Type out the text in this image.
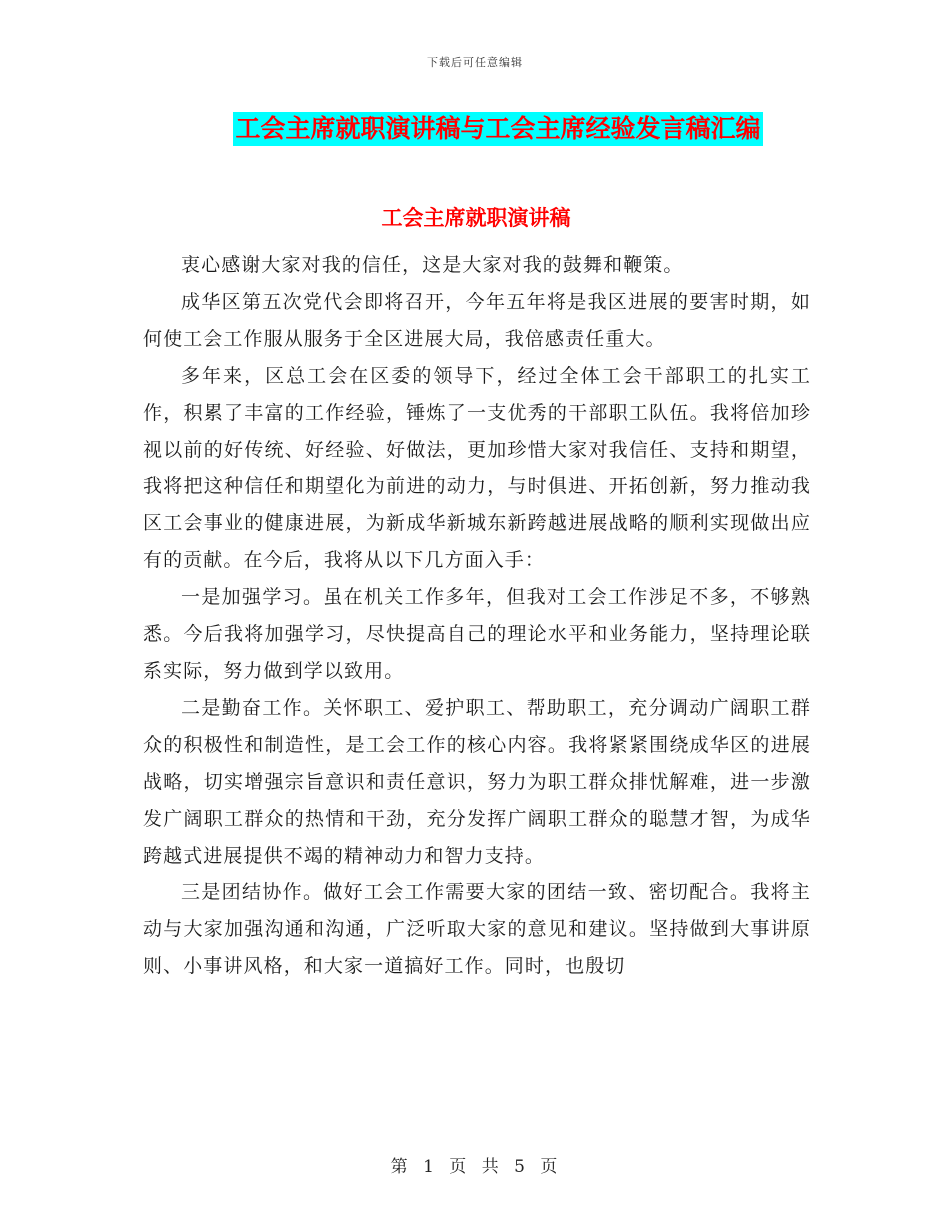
下载后可任意编辑
工会主席就职演讲稿与工会主席经验发言稿汇编
工会主席就职演讲稿

衷心感谢大家对我的信任，这是大家对我的鼓舞和鞭策。

成华区第五次党代会即将召开，今年五年将是我区进展的要害时期，如何使工会工作服从服务于全区进展大局，我倍感责任重大。

多年来，区总工会在区委的领导下，经过全体工会干部职工的扎实工作，积累了丰富的工作经验，锤炼了一支优秀的干部职工队伍。我将倍加珍视以前的好传统、好经验、好做法，更加珍惜大家对我信任、支持和期望，我将把这种信任和期望化为前进的动力，与时俱进、开拓创新，努力推动我区工会事业的健康进展，为新成华新城东新跨越进展战略的顺利实现做出应有的贡献。在今后，我将从以下几方面入手：

一是加强学习。虽在机关工作多年，但我对工会工作涉足不多，不够熟悉。今后我将加强学习，尽快提高自己的理论水平和业务能力，坚持理论联系实际，努力做到学以致用。

二是勤奋工作。关怀职工、爱护职工、帮助职工，充分调动广阔职工群众的积极性和制造性，是工会工作的核心内容。我将紧紧围绕成华区的进展战略，切实增强宗旨意识和责任意识，努力为职工群众排忧解难，进一步激发广阔职工群众的热情和干劲，充分发挥广阔职工群众的聪慧才智，为成华跨越式进展提供不竭的精神动力和智力支持。

三是团结协作。做好工会工作需要大家的团结一致、密切配合。我将主动与大家加强沟通和沟通，广泛听取大家的意见和建议。坚持做到大事讲原则、小事讲风格，和大家一道搞好工作。同时，也殷切

第 1 页 共 5 页
